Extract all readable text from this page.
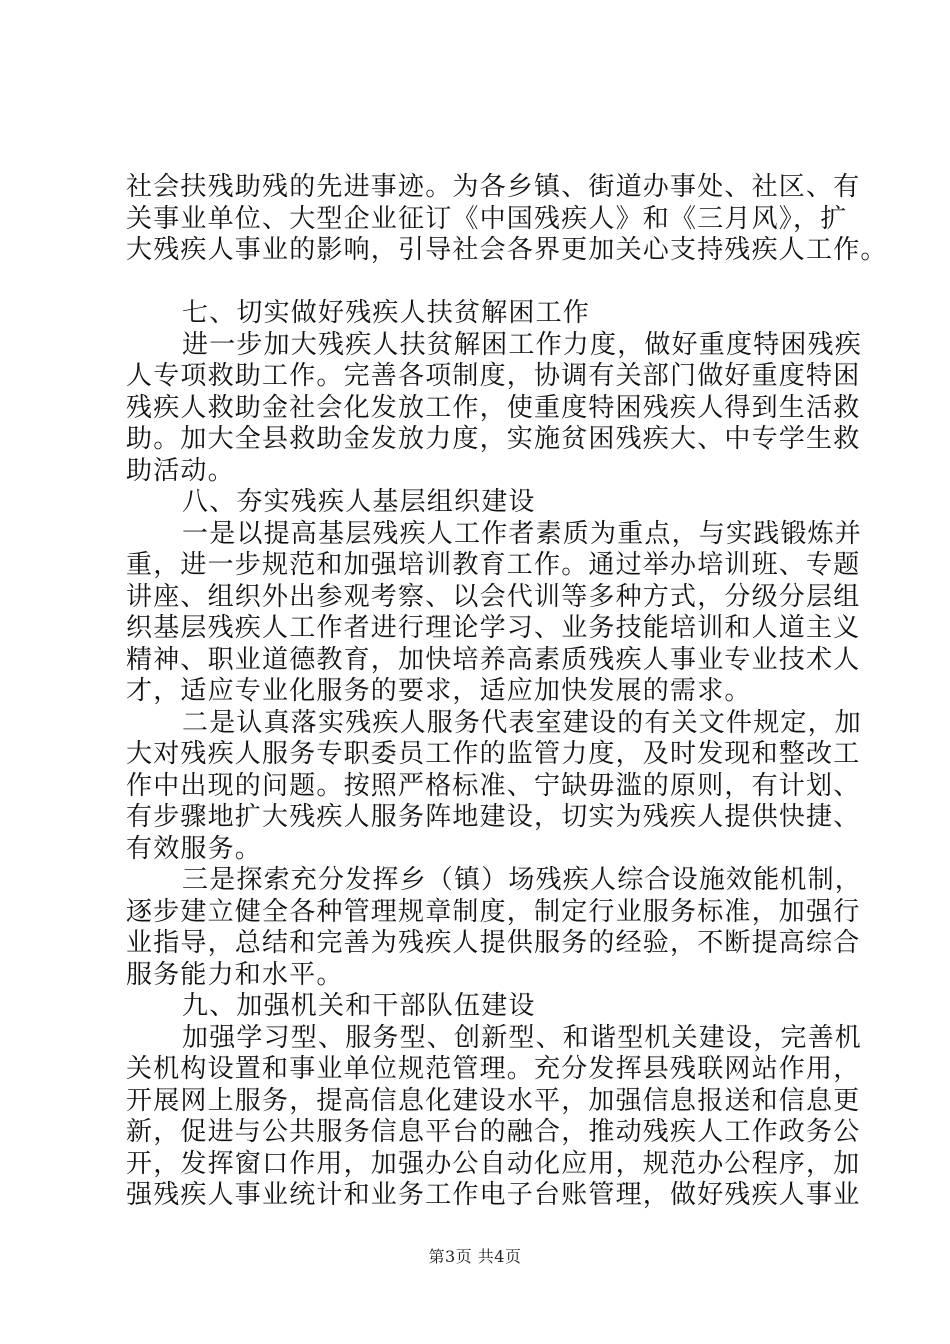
社会扶残助残的先进事迹。为各乡镇、街道办事处、社区、有
关事业单位、大型企业征订《中国残疾人》和《三月风》，扩
大残疾人事业的影响，引导社会各界更加关心支持残疾人工作。
七、切实做好残疾人扶贫解困工作
进一步加大残疾人扶贫解困工作力度，做好重度特困残疾
人专项救助工作。完善各项制度，协调有关部门做好重度特困
残疾人救助金社会化发放工作，使重度特困残疾人得到生活救
助。加大全县救助金发放力度，实施贫困残疾大、中专学生救
助活动。
八、夯实残疾人基层组织建设
一是以提高基层残疾人工作者素质为重点，与实践锻炼并
重，进一步规范和加强培训教育工作。通过举办培训班、专题
讲座、组织外出参观考察、以会代训等多种方式，分级分层组
织基层残疾人工作者进行理论学习、业务技能培训和人道主义
精神、职业道德教育，加快培养高素质残疾人事业专业技术人
才，适应专业化服务的要求，适应加快发展的需求。
二是认真落实残疾人服务代表室建设的有关文件规定，加
大对残疾人服务专职委员工作的监管力度，及时发现和整改工
作中出现的问题。按照严格标准、宁缺毋滥的原则，有计划、
有步骤地扩大残疾人服务阵地建设，切实为残疾人提供快捷、
有效服务。
三是探索充分发挥乡（镇）场残疾人综合设施效能机制，
逐步建立健全各种管理规章制度，制定行业服务标准，加强行
业指导，总结和完善为残疾人提供服务的经验，不断提高综合
服务能力和水平。
九、加强机关和干部队伍建设
加强学习型、服务型、创新型、和谐型机关建设，完善机
关机构设置和事业单位规范管理。充分发挥县残联网站作用，
开展网上服务，提高信息化建设水平，加强信息报送和信息更
新，促进与公共服务信息平台的融合，推动残疾人工作政务公
开，发挥窗口作用，加强办公自动化应用，规范办公程序，加
强残疾人事业统计和业务工作电子台账管理，做好残疾人事业
第3页 共4页
